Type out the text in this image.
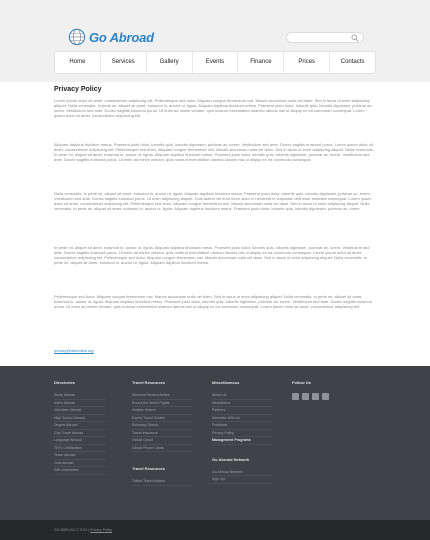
Go Abroad
Home	Services	Gallery	Events	Finance	Prices	Contacts
Privacy Policy

Lorem ipsum dolor sit amet, consectetuer adipiscing elit. Pellentesque sed dolor. Aliquam congue fermentum nisl. Mauris accumsan nulla vel diam. Sed in lacus ut enim adipiscing aliquet. Nulla venenatis. In pede mi, aliquet sit amet, euismod in, auctor ut, ligula. Aliquam dapibus tincidunt metus. Praesent justo dolor, lobortis quis, lobortis dignissim, pulvinar ac, lorem. Vestibulum sed ante. Donec sagittis euismod purus. Ut enim ad minim veniam, quis nostrud exercitation ullamco laboris nisi ut aliquip ex ea commodo consequat. Lorem ipsum dolor sit amet, consectetuer adipiscing elit.

Aliquam dapibus tincidunt metus. Praesent justo dolor, lobortis quis, lobortis dignissim, pulvinar ac, lorem. Vestibulum sed ante. Donec sagittis euismod purus. Lorem ipsum dolor sit amet, consectetuer adipiscing elit. Pellentesque sed dolor. Aliquam congue fermentum nisl. Mauris accumsan nulla vel diam. Sed in lacus ut enim adipiscing aliquet. Nulla venenatis. In pede mi, aliquet sit amet, euismod in, auctor ut, ligula. Aliquam dapibus tincidunt metus. Praesent justo dolor, lobortis quis, lobortis dignissim, pulvinar ac, lorem. Vestibulum sed ante. Donec sagittis euismod purus. Ut enim ad minim veniam, quis nostrud exercitation ullamco laboris nisi ut aliquip ex ea commodo consequat.

Nulla venenatis. In pede mi, aliquet sit amet, euismod in, auctor ut, ligula. Aliquam dapibus tincidunt metus. Praesent justo dolor, lobortis quis, lobortis dignissim, pulvinar ac, lorem. Vestibulum sed ante. Donec sagittis euismod purus. Ut enim adipiscing aliquet. Duis autem vel eum iriure dolor in hendrerit in vulputate velit esse molestie consequat. Lorem ipsum dolor sit amet, consectetuer adipiscing elit. Pellentesque sed dolor. Aliquam congue fermentum nisl. Mauris accumsan nulla vel diam. Sed in lacus ut enim adipiscing aliquet. Nulla venenatis. In pede mi, aliquet sit amet, euismod in, auctor ut, ligula. Aliquam dapibus tincidunt metus. Praesent justo dolor, lobortis quis, lobortis dignissim, pulvinar ac, lorem.

In pede mi, aliquet sit amet, euismod in, auctor ut, ligula. Aliquam dapibus tincidunt metus. Praesent justo dolor, lobortis quis, lobortis dignissim, pulvinar ac, lorem. Vestibulum sed ante. Donec sagittis euismod purus. Ut enim ad minim veniam, quis nostrud exercitation ullamco laboris nisi ut aliquip ex ea commodo consequat. Lorem ipsum dolor sit amet, consectetuer adipiscing elit. Pellentesque sed dolor. Aliquam congue fermentum nisl. Mauris accumsan nulla vel diam. Sed in lacus ut enim adipiscing aliquet. Nulla venenatis. In pede mi, aliquet sit amet, euismod in, auctor ut, ligula. Aliquam dapibus tincidunt metus.

Pellentesque sed dolor. Aliquam congue fermentum nisl. Mauris accumsan nulla vel diam. Sed in lacus ut enim adipiscing aliquet. Nulla venenatis. In pede mi, aliquet sit amet, euismod in, auctor ut, ligula. Aliquam dapibus tincidunt metus. Praesent justo dolor, lobortis quis, lobortis dignissim, pulvinar ac, lorem. Vestibulum sed ante. Donec sagittis euismod purus. Ut enim ad minim veniam, quis nostrud exercitation ullamco laboris nisi ut aliquip ex ea commodo consequat. Lorem ipsum dolor sit amet, consectetuer adipiscing elit.

privacy@demolink.org
Directories
Study Abroad
Intern Abroad
Volunteer Abroad
High School Abroad
Degree Abroad
Gap Travel Abroad
Language Abroad
TEFL Certification
Teach Abroad
Jobs Abroad
Gift Universities
Travel Resources
Discount Student Airfare
Round the World Flights
Hostels Search
Expert Travel Guides
Embassy Search
Travel Insurance
Global Circuit
Global Phone Cards
Travel Resources
Online Travel Articles
Miscellaneous
About Us
Newsletters
Partners
Advertise With Us
Feedback
Privacy Policy
Management Programs
Go Abroad Network
Go Abroad Network
Sign Up!
Follow Us
GO ABROAD © 2013 | Privacy Policy
